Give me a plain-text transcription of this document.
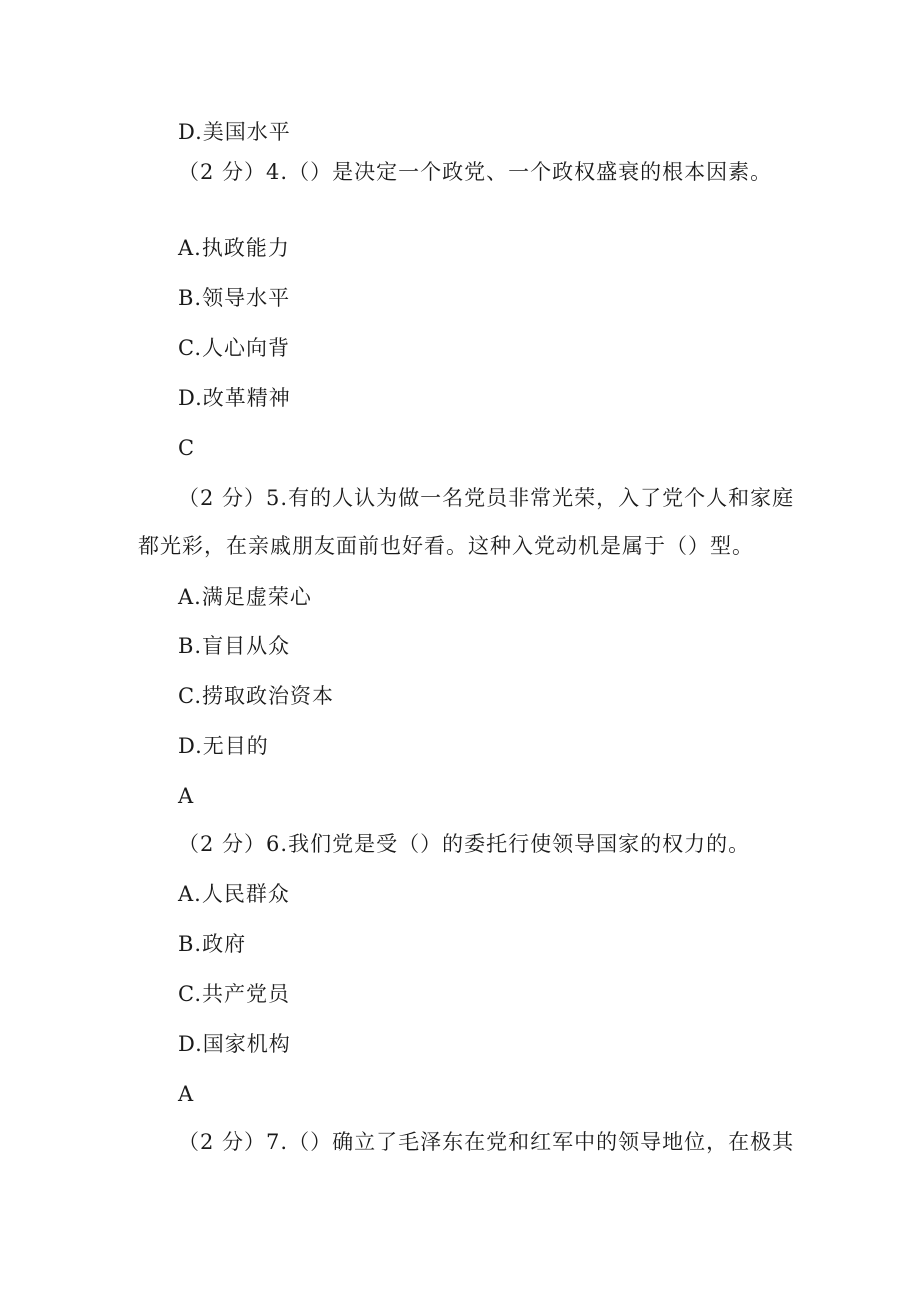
D.美国水平
（2 分）4.（）是决定一个政党、一个政权盛衰的根本因素。
A.执政能力
B.领导水平
C.人心向背
D.改革精神
C
（2 分）5.有的人认为做一名党员非常光荣，入了党个人和家庭
都光彩，在亲戚朋友面前也好看。这种入党动机是属于（）型。
A.满足虚荣心
B.盲目从众
C.捞取政治资本
D.无目的
A
（2 分）6.我们党是受（）的委托行使领导国家的权力的。
A.人民群众
B.政府
C.共产党员
D.国家机构
A
（2 分）7.（）确立了毛泽东在党和红军中的领导地位，在极其
